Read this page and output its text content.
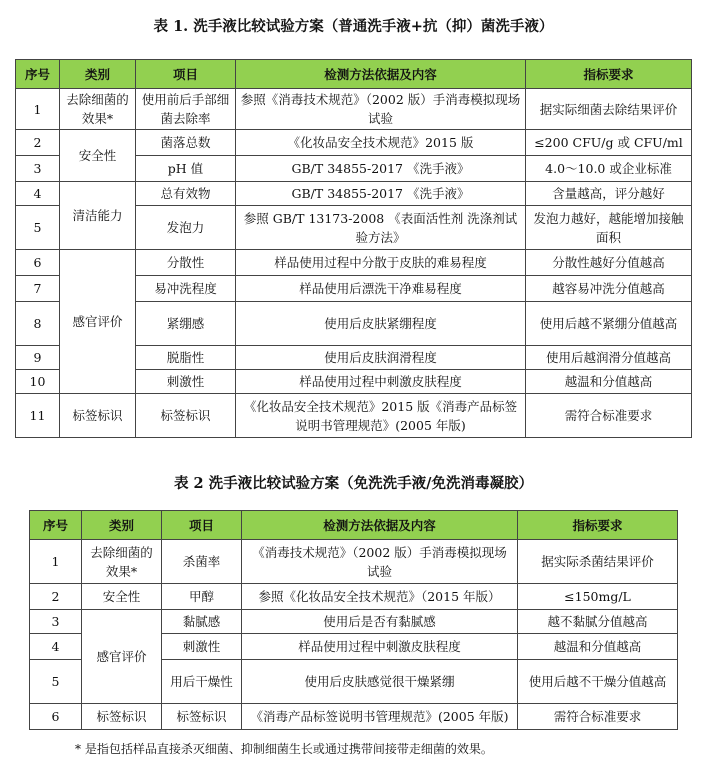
表 1. 洗手液比较试验方案（普通洗手液+抗（抑）菌洗手液）
序号	类别	项目	检测方法依据及内容	指标要求
1	去除细菌的效果*	使用前后手部细菌去除率	参照《消毒技术规范》（2002 版）手消毒模拟现场试验	据实际细菌去除结果评价
2	安全性	菌落总数	《化妆品安全技术规范》2015 版	≤200 CFU/g 或 CFU/ml
3		pH 值	GB/T 34855-2017 《洗手液》	4.0～10.0 或企业标准
4	清洁能力	总有效物	GB/T 34855-2017 《洗手液》	含量越高，评分越好
5		发泡力	参照 GB/T 13173-2008 《表面活性剂 洗涤剂试验方法》	发泡力越好，越能增加接触面积
6	感官评价	分散性	样品使用过程中分散于皮肤的难易程度	分散性越好分值越高
7		易冲洗程度	样品使用后漂洗干净难易程度	越容易冲洗分值越高
8		紧绷感	使用后皮肤紧绷程度	使用后越不紧绷分值越高
9		脱脂性	使用后皮肤润滑程度	使用后越润滑分值越高
10		刺激性	样品使用过程中刺激皮肤程度	越温和分值越高
11	标签标识	标签标识	《化妆品安全技术规范》2015 版《消毒产品标签说明书管理规范》(2005 年版)	需符合标准要求
表 2 洗手液比较试验方案（免洗洗手液/免洗消毒凝胶）
序号	类别	项目	检测方法依据及内容	指标要求
1	去除细菌的效果*	杀菌率	《消毒技术规范》（2002 版）手消毒模拟现场试验	据实际杀菌结果评价
2	安全性	甲醇	参照《化妆品安全技术规范》（2015 年版）	≤150mg/L
3	感官评价	黏腻感	使用后是否有黏腻感	越不黏腻分值越高
4		刺激性	样品使用过程中刺激皮肤程度	越温和分值越高
5		用后干燥性	使用后皮肤感觉很干燥紧绷	使用后越不干燥分值越高
6	标签标识	标签标识	《消毒产品标签说明书管理规范》(2005 年版)	需符合标准要求
* 是指包括样品直接杀灭细菌、抑制细菌生长或通过携带间接带走细菌的效果。
